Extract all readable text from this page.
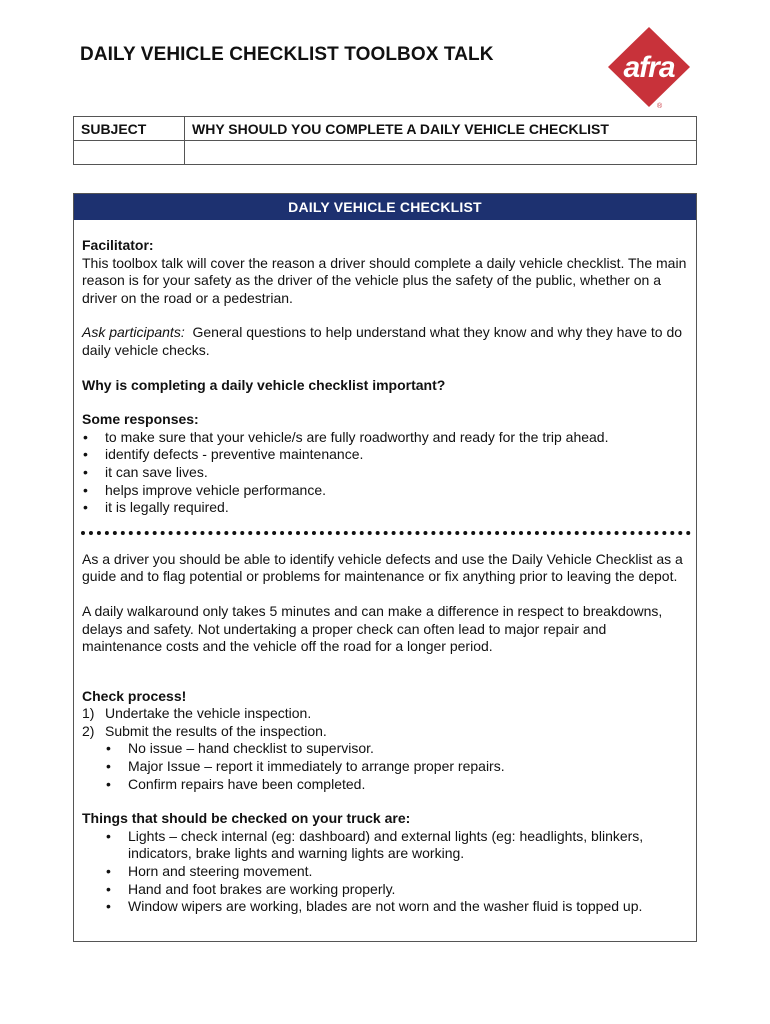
DAILY VEHICLE CHECKLIST TOOLBOX TALK	afra
®
SUBJECT	WHY SHOULD YOU COMPLETE A DAILY VEHICLE CHECKLIST

DAILY VEHICLE CHECKLIST

Facilitator:

This toolbox talk will cover the reason a driver should complete a daily vehicle checklist. The main reason is for your safety as the driver of the vehicle plus the safety of the public, whether on a driver on the road or a pedestrian.

Ask participants:  General questions to help understand what they know and why they have to do daily vehicle checks.

Why is completing a daily vehicle checklist important?

Some responses:

• to make sure that your vehicle/s are fully roadworthy and ready for the trip ahead.
• identify defects - preventive maintenance.
• it can save lives.
• helps improve vehicle performance.
• it is legally required.

As a driver you should be able to identify vehicle defects and use the Daily Vehicle Checklist as a guide and to flag potential or problems for maintenance or fix anything prior to leaving the depot.

A daily walkaround only takes 5 minutes and can make a difference in respect to breakdowns, delays and safety. Not undertaking a proper check can often lead to major repair and maintenance costs and the vehicle off the road for a longer period.

Check process!

1) Undertake the vehicle inspection.
2) Submit the results of the inspection.
• No issue – hand checklist to supervisor.
• Major Issue – report it immediately to arrange proper repairs.
• Confirm repairs have been completed.

Things that should be checked on your truck are:

• Lights – check internal (eg: dashboard) and external lights (eg: headlights, blinkers, indicators, brake lights and warning lights are working.
• Horn and steering movement.
• Hand and foot brakes are working properly.
• Window wipers are working, blades are not worn and the washer fluid is topped up.
